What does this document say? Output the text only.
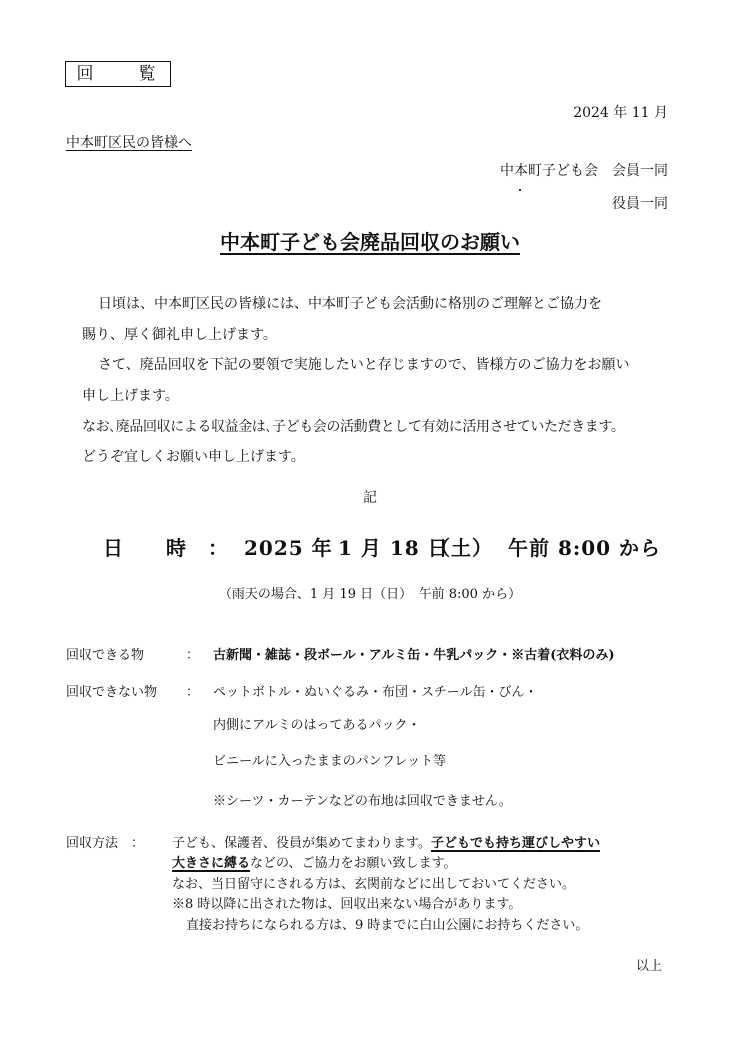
回　覧
2024 年 11 月
中本町区民の皆様へ
中本町子ども会　会員一同
役員一同
中本町子ども会廃品回収のお願い
日頃は、中本町区民の皆様には、中本町子ども会活動に格別のご理解とご協力を
賜り、厚く御礼申し上げます。
さて、廃品回収を下記の要領で実施したいと存じますので、皆様方のご協力をお願い
申し上げます。
なお､廃品回収による収益金は､子ども会の活動費として有効に活用させていただきます。
どうぞ宜しくお願い申し上げます。
記
日　　時　： 2025 年 1 月 18 日
（土） 午前 8:00 から
（雨天の場合、1 月 19 日（日）　午前 8:00 から）
回収できる物	： 古新聞・雑誌・段ボール・アルミ缶・牛乳パック・※古着(衣料のみ)
回収できない物 ： ペットボトル・ぬいぐるみ・布団・スチール缶・びん・
内側にアルミのはってあるパック・
ビニールに入ったままのパンフレット等
※シーツ・カーテンなどの布地は回収できません。
回収方法　： 子ども、保護者、役員が集めてまわります。子どもでも持ち運びしやすい
大きさに縛るなどの、ご協力をお願い致します。
なお、当日留守にされる方は、玄関前などに出しておいてください。
※8 時以降に出された物は、回収出来ない場合があります。
直接お持ちになられる方は、9 時までに白山公園にお持ちください。
以上
